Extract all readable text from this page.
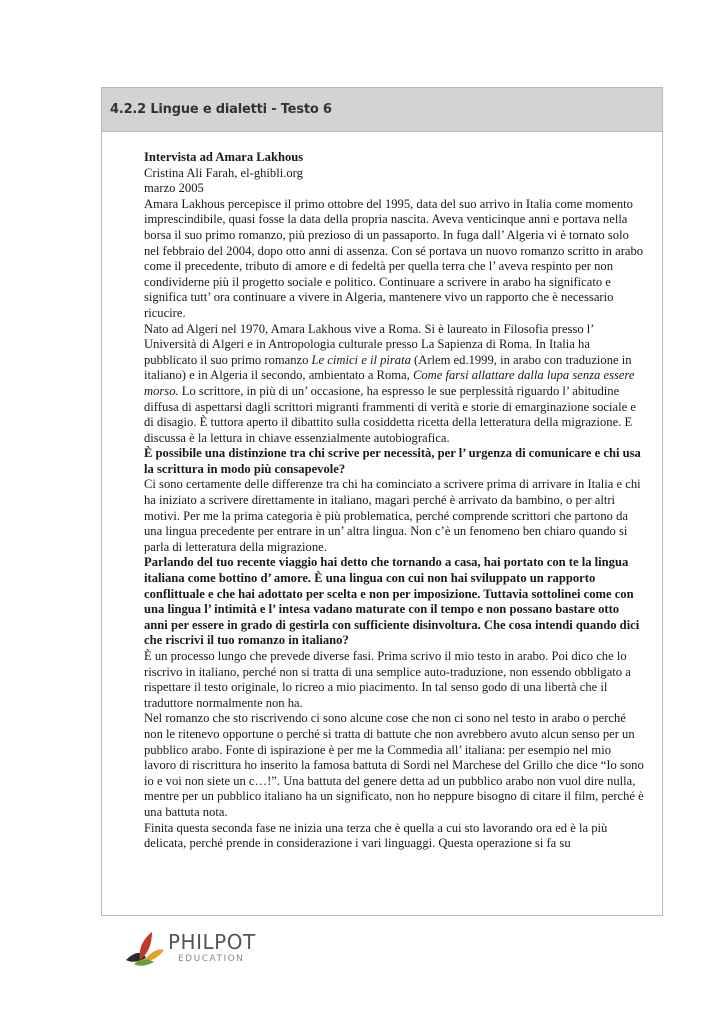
4.2.2 Lingue e dialetti - Testo 6

Intervista ad Amara Lakhous

Cristina Ali Farah, el-ghibli.org

marzo 2005

Amara Lakhous percepisce il primo ottobre del 1995, data del suo arrivo in Italia come momento imprescindibile, quasi fosse la data della propria nascita. Aveva venticinque anni e portava nella borsa il suo primo romanzo, più prezioso di un passaporto. In fuga dall’ Algeria vi è tornato solo nel febbraio del 2004, dopo otto anni di assenza. Con sé portava un nuovo romanzo scritto in arabo come il precedente, tributo di amore e di fedeltà per quella terra che l’ aveva respinto per non condividerne più il progetto sociale e politico. Continuare a scrivere in arabo ha significato e significa tutt’ ora continuare a vivere in Algeria, mantenere vivo un rapporto che è necessario ricucire.

Nato ad Algeri nel 1970, Amara Lakhous vive a Roma. Si è laureato in Filosofia presso l’ Università di Algeri e in Antropologia culturale presso La Sapienza di Roma. In Italia ha pubblicato il suo primo romanzo Le cimici e il pirata (Arlem ed.1999, in arabo con traduzione in italiano) e in Algeria il secondo, ambientato a Roma, Come farsi allattare dalla lupa senza essere morso. Lo scrittore, in più di un’ occasione, ha espresso le sue perplessità riguardo l’ abitudine diffusa di aspettarsi dagli scrittori migranti frammenti di verità e storie di emarginazione sociale e di disagio. È tuttora aperto il dibattito sulla cosiddetta ricetta della letteratura della migrazione. E discussa è la lettura in chiave essenzialmente autobiografica.

È possibile una distinzione tra chi scrive per necessità, per l’ urgenza di comunicare e chi usa la scrittura in modo più consapevole?

Ci sono certamente delle differenze tra chi ha cominciato a scrivere prima di arrivare in Italia e chi ha iniziato a scrivere direttamente in italiano, magari perché è arrivato da bambino, o per altri motivi. Per me la prima categoria è più problematica, perché comprende scrittori che partono da una lingua precedente per entrare in un’ altra lingua. Non c’è un fenomeno ben chiaro quando si parla di letteratura della migrazione.

Parlando del tuo recente viaggio hai detto che tornando a casa, hai portato con te la lingua italiana come bottino d’ amore. È una lingua con cui non hai sviluppato un rapporto conflittuale e che hai adottato per scelta e non per imposizione. Tuttavia sottolinei come con una lingua l’ intimità e l’ intesa vadano maturate con il tempo e non possano bastare otto anni per essere in grado di gestirla con sufficiente disinvoltura. Che cosa intendi quando dici che riscrivi il tuo romanzo in italiano?

È un processo lungo che prevede diverse fasi. Prima scrivo il mio testo in arabo. Poi dico che lo riscrivo in italiano, perché non si tratta di una semplice auto-traduzione, non essendo obbligato a rispettare il testo originale, lo ricreo a mio piacimento. In tal senso godo di una libertà che il traduttore normalmente non ha.

Nel romanzo che sto riscrivendo ci sono alcune cose che non ci sono nel testo in arabo o perché non le ritenevo opportune o perché si tratta di battute che non avrebbero avuto alcun senso per un pubblico arabo. Fonte di ispirazione è per me la Commedia all’ italiana: per esempio nel mio lavoro di riscrittura ho inserito la famosa battuta di Sordi nel Marchese del Grillo che dice “Io sono io e voi non siete un c…!”. Una battuta del genere detta ad un pubblico arabo non vuol dire nulla, mentre per un pubblico italiano ha un significato, non ho neppure bisogno di citare il film, perché è una battuta nota.

Finita questa seconda fase ne inizia una terza che è quella a cui sto lavorando ora ed è la più delicata, perché prende in considerazione i vari linguaggi. Questa operazione si fa su

PHILPOT
EDUCATION
